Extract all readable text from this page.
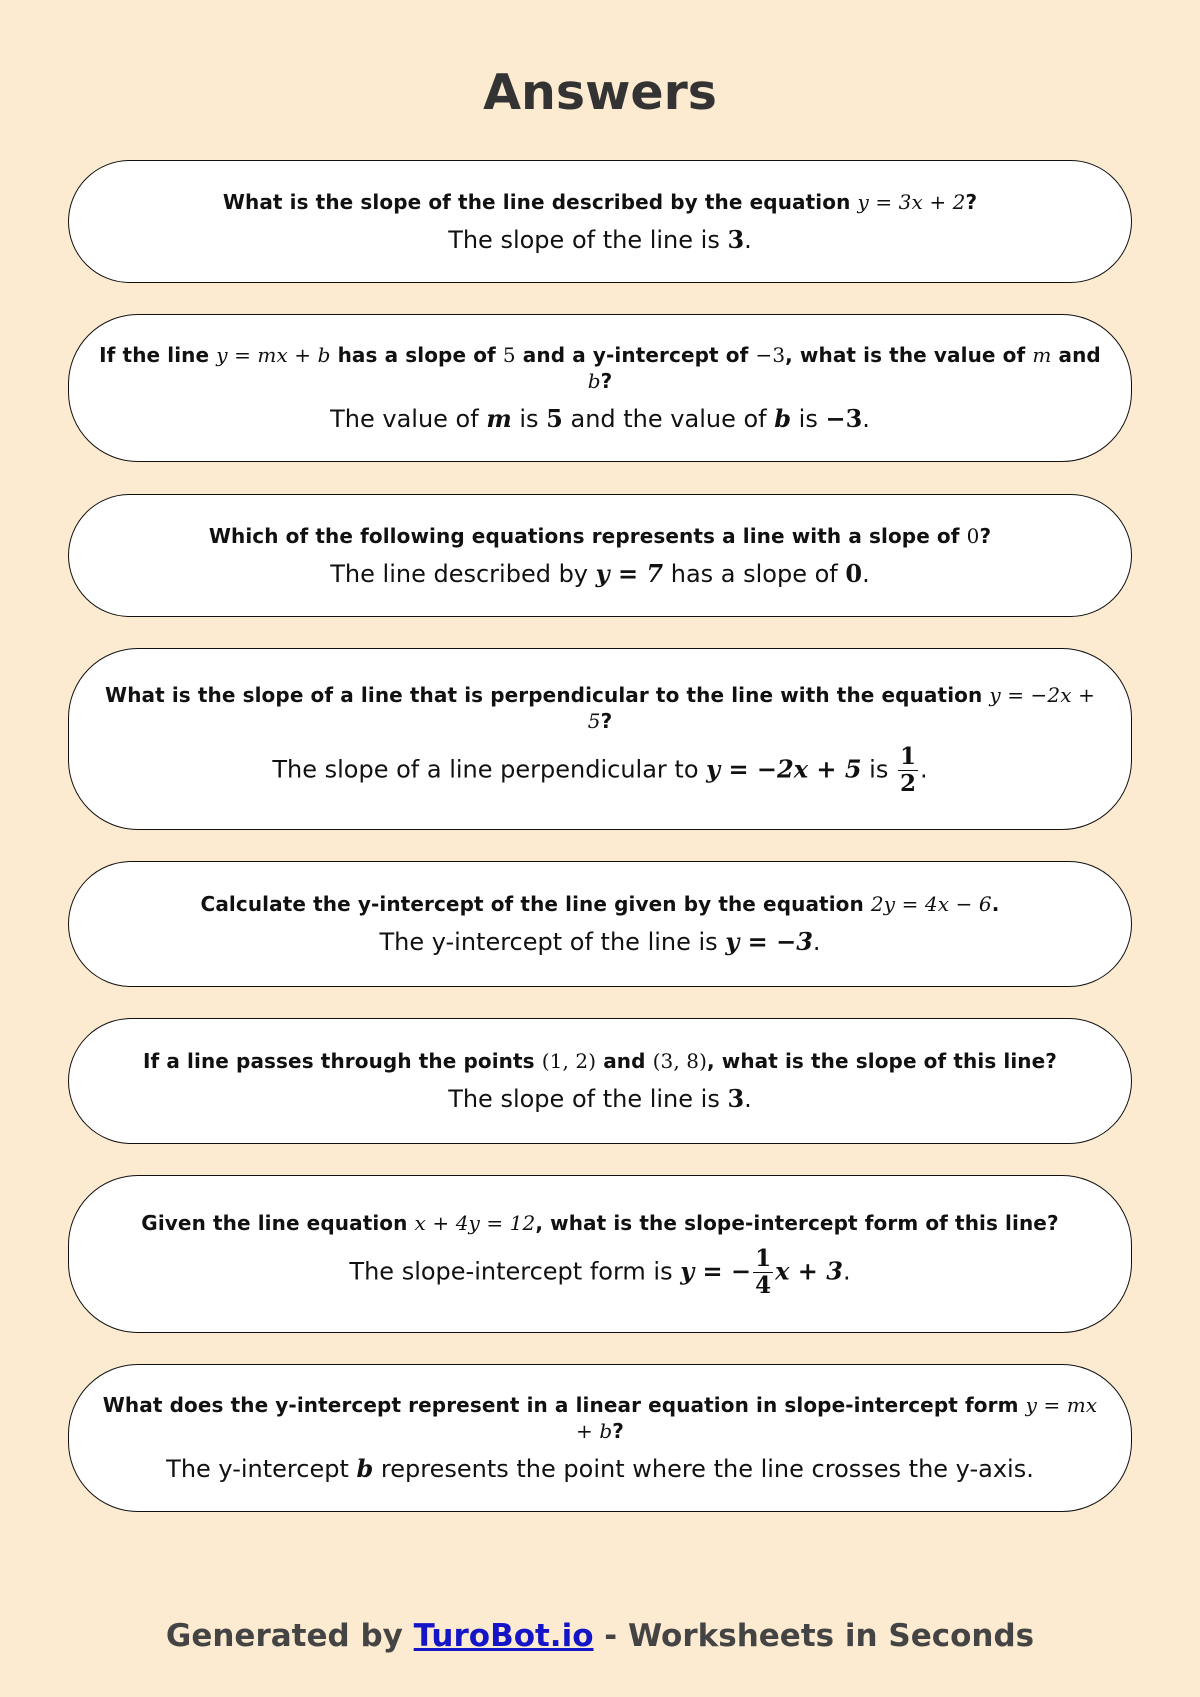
Answers
What is the slope of the line described by the equation y = 3x + 2?
The slope of the line is 3.
If the line y = mx + b has a slope of 5 and a y-intercept of −3, what is the value of m and b?
The value of m is 5 and the value of b is −3.
Which of the following equations represents a line with a slope of 0?
The line described by y = 7 has a slope of 0.
What is the slope of a line that is perpendicular to the line with the equation y = −2x + 5?
The slope of a line perpendicular to y = −2x + 5 is $\frac{1}{2}$ .
Calculate the y-intercept of the line given by the equation 2y = 4x − 6.
The y-intercept of the line is y = −3.
If a line passes through the points (1, 2) and (3, 8), what is the slope of this line?
The slope of the line is 3.
Given the line equation x + 4y = 12, what is the slope-intercept form of this line?
The slope-intercept form is y = − $\frac{1}{4}$ x + 3.
What does the y-intercept represent in a linear equation in slope-intercept form y = mx + b?
The y-intercept b represents the point where the line crosses the y-axis.
Generated by TuroBot.io - Worksheets in Seconds
